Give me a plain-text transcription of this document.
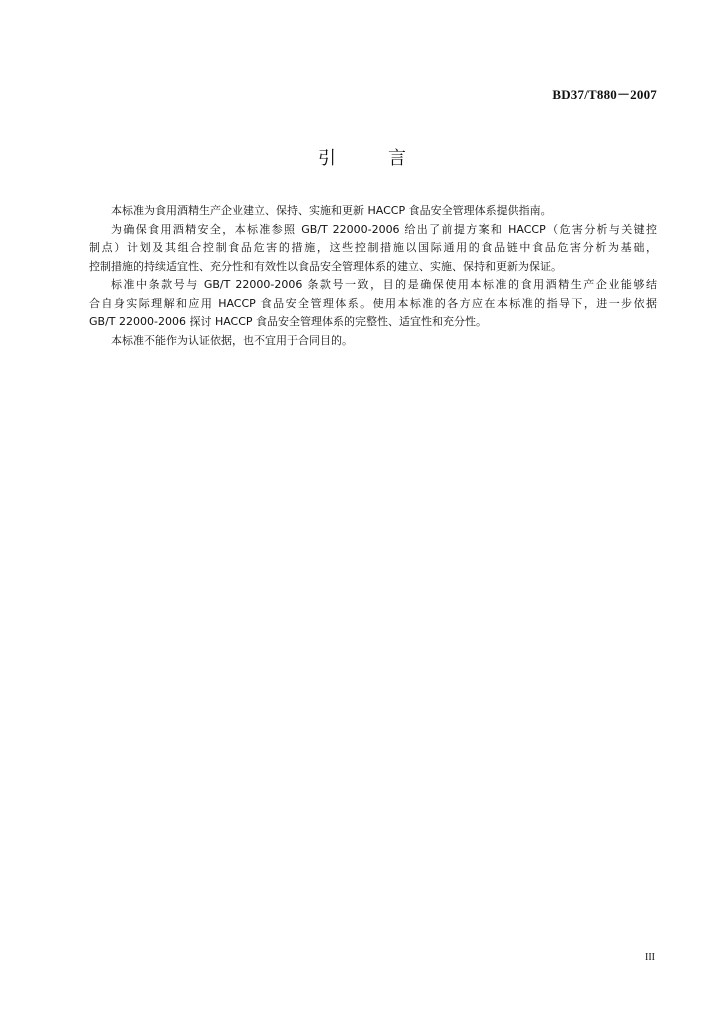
BD37/T880－2007
引	言
本标准为食用酒精生产企业建立、保持、实施和更新 HACCP 食品安全管理体系提供指南。
为确保食用酒精安全，本标准参照 GB/T 22000-2006 给出了前提方案和 HACCP（危害分析与关键控
制点）计划及其组合控制食品危害的措施，这些控制措施以国际通用的食品链中食品危害分析为基础，
控制措施的持续适宜性、充分性和有效性以食品安全管理体系的建立、实施、保持和更新为保证。
标准中条款号与 GB/T 22000-2006 条款号一致，目的是确保使用本标准的食用酒精生产企业能够结
合自身实际理解和应用 HACCP 食品安全管理体系。使用本标准的各方应在本标准的指导下，进一步依据
GB/T 22000-2006 探讨 HACCP 食品安全管理体系的完整性、适宜性和充分性。
本标准不能作为认证依据，也不宜用于合同目的。
III
